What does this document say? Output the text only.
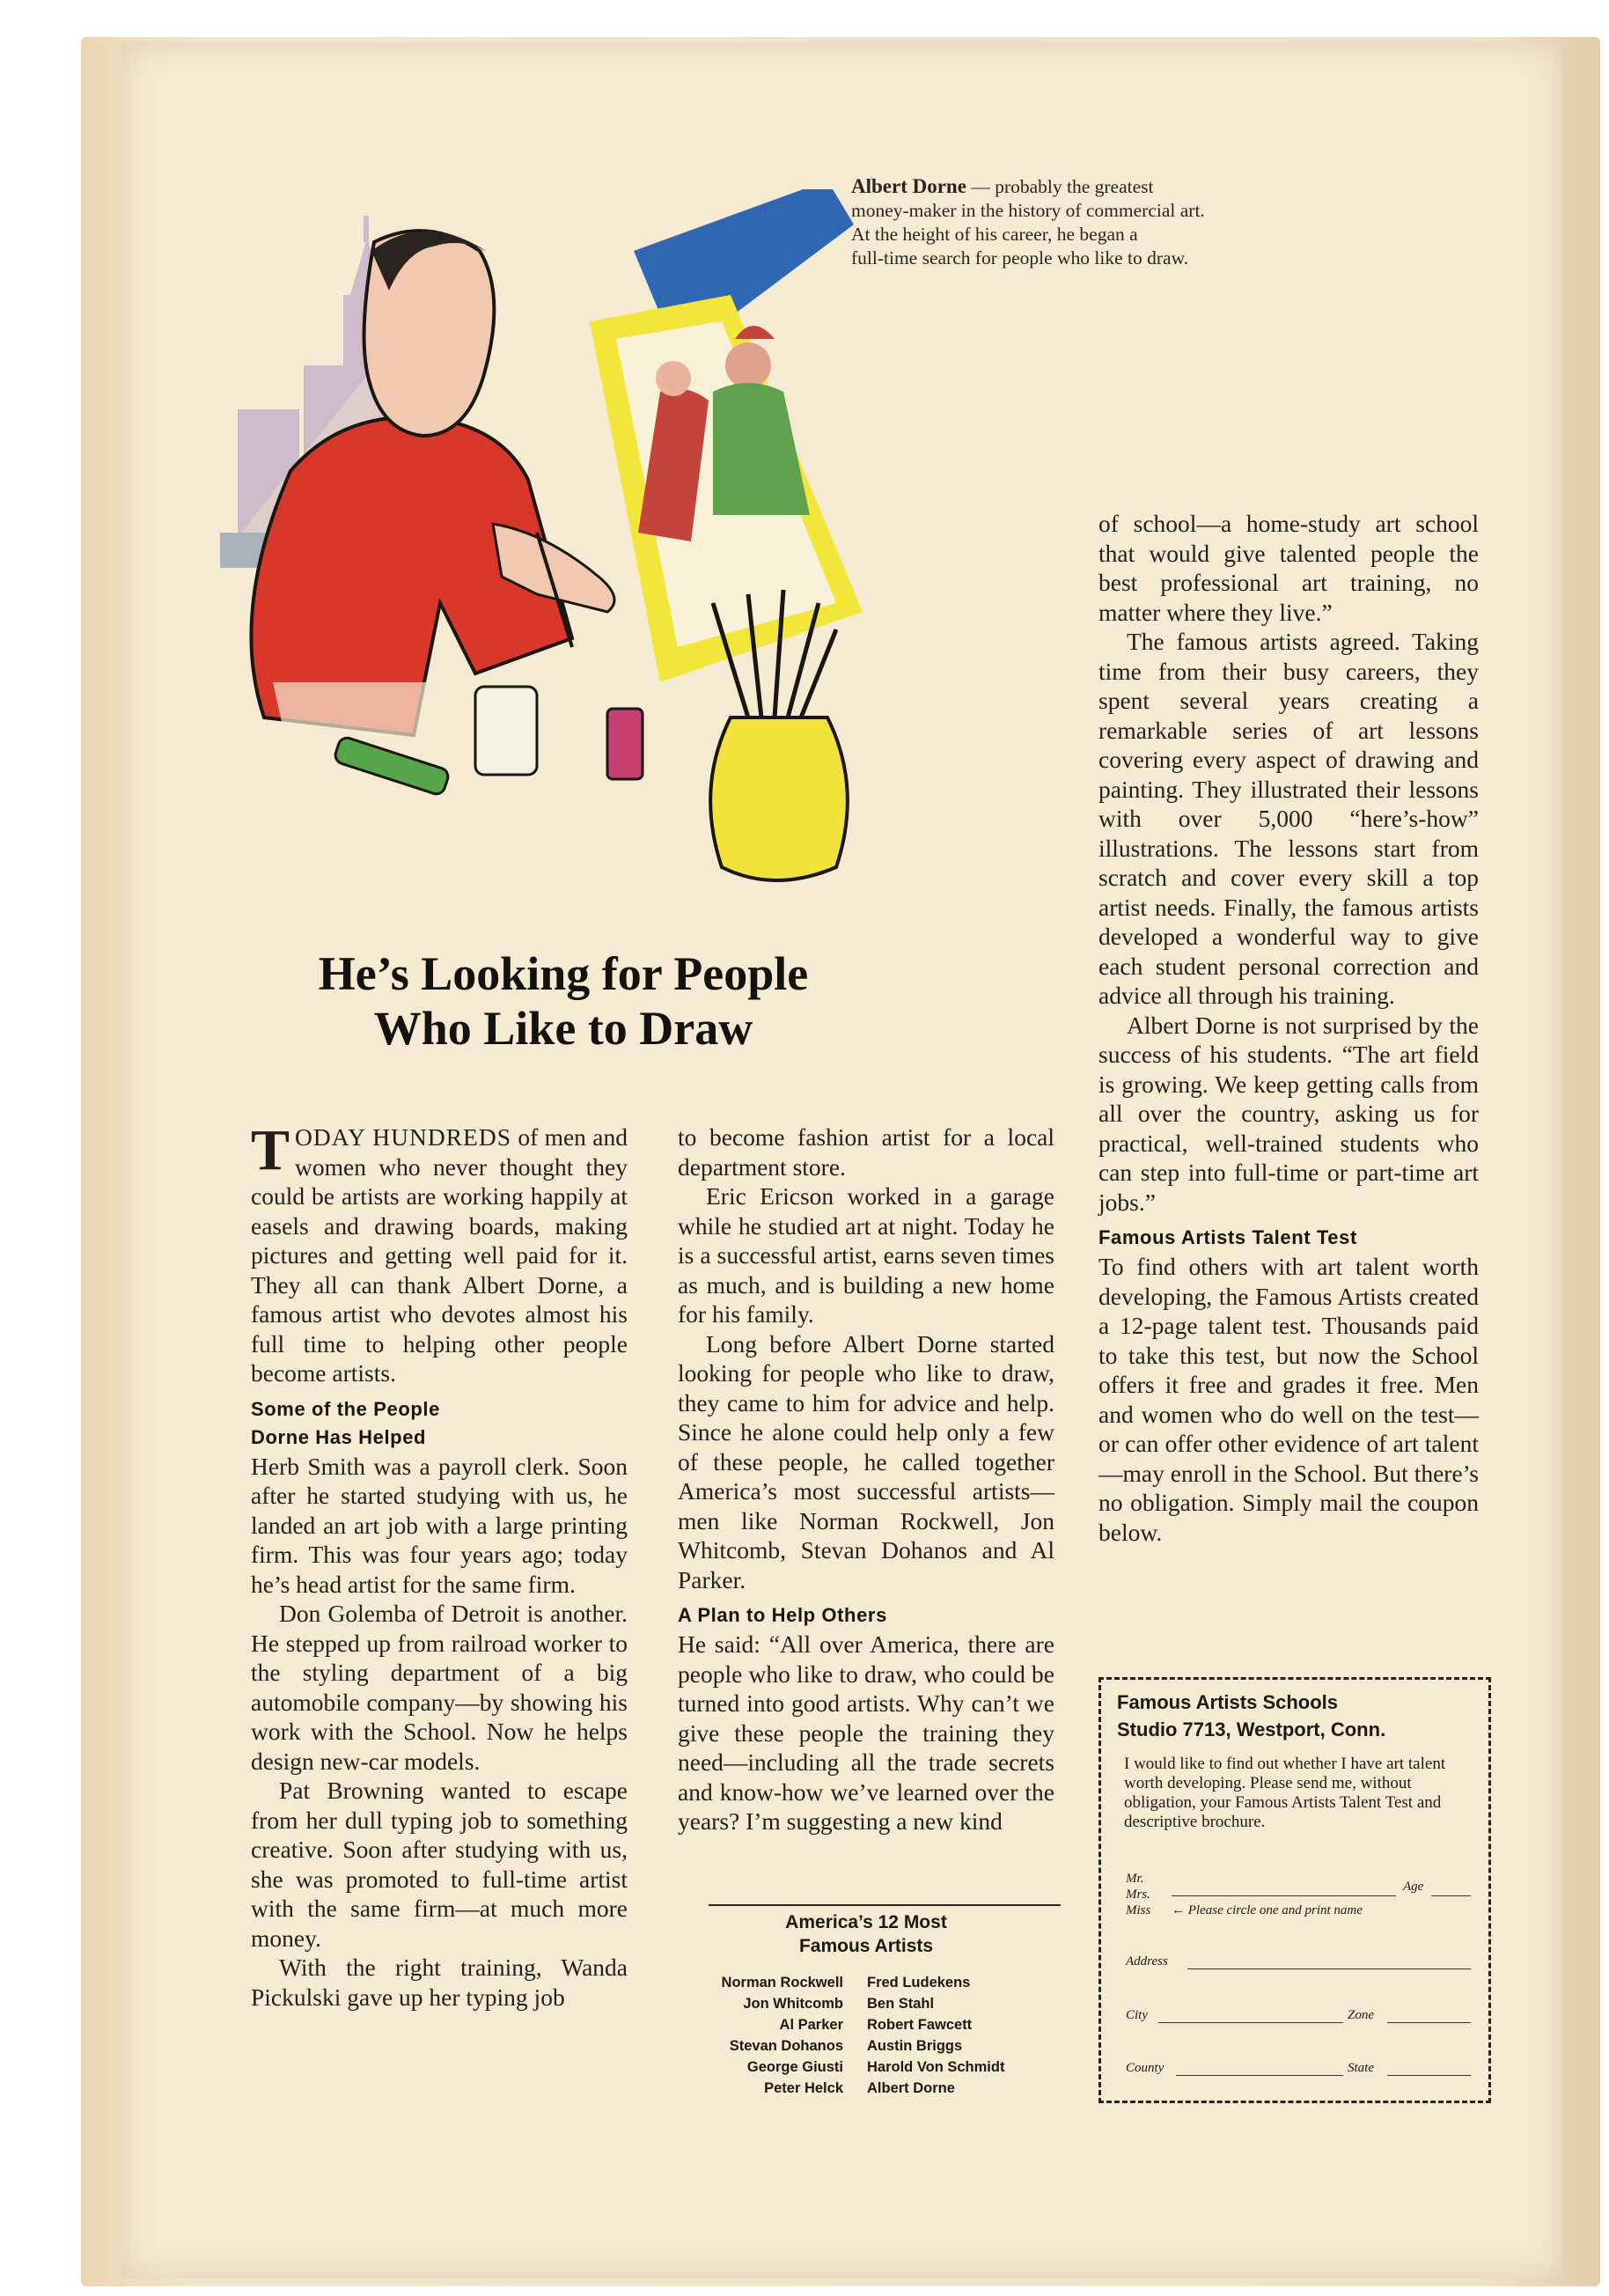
Albert Dorne — probably the greatest
money-maker in the history of commercial art.
At the height of his career, he began a
full-time search for people who like to draw.
He’s Looking for People
Who Like to Draw

TODAY HUNDREDS of men and women who never thought they could be artists are working happily at easels and drawing boards, making pictures and getting well paid for it. They all can thank Albert Dorne, a famous artist who devotes almost his full time to helping other people become artists.

Some of the People
Dorne Has Helped

Herb Smith was a payroll clerk. Soon after he started studying with us, he landed an art job with a large printing firm. This was four years ago; today he’s head artist for the same firm.

Don Golemba of Detroit is another. He stepped up from railroad worker to the styling department of a big automobile company—by showing his work with the School. Now he helps design new-car models.

Pat Browning wanted to escape from her dull typing job to something creative. Soon after studying with us, she was promoted to full-time artist with the same firm—at much more money.

With the right training, Wanda Pickulski gave up her typing job

to become fashion artist for a local department store.

Eric Ericson worked in a garage while he studied art at night. Today he is a successful artist, earns seven times as much, and is building a new home for his family.

Long before Albert Dorne started looking for people who like to draw, they came to him for advice and help. Since he alone could help only a few of these people, he called together America’s most successful artists—men like Norman Rockwell, Jon Whitcomb, Stevan Dohanos and Al Parker.

A Plan to Help Others

He said: “All over America, there are people who like to draw, who could be turned into good artists. Why can’t we give these people the training they need—including all the trade secrets and know-how we’ve learned over the years? I’m suggesting a new kind

America’s 12 Most
Famous Artists
Norman Rockwell
Jon Whitcomb
Al Parker
Stevan Dohanos
George Giusti
Peter Helck
Fred Ludekens
Ben Stahl
Robert Fawcett
Austin Briggs
Harold Von Schmidt
Albert Dorne

of school—a home-study art school that would give talented people the best professional art training, no matter where they live.”

The famous artists agreed. Taking time from their busy careers, they spent several years creating a remarkable series of art lessons covering every aspect of drawing and painting. They illustrated their lessons with over 5,000 “here’s-how” illustrations. The lessons start from scratch and cover every skill a top artist needs. Finally, the famous artists developed a wonderful way to give each student personal correction and advice all through his training.

Albert Dorne is not surprised by the success of his students. “The art field is growing. We keep getting calls from all over the country, asking us for practical, well-trained students who can step into full-time or part-time art jobs.”

Famous Artists Talent Test

To find others with art talent worth developing, the Famous Artists created a 12-page talent test. Thousands paid to take this test, but now the School offers it free and grades it free. Men and women who do well on the test—or can offer other evidence of art talent—may enroll in the School. But there’s no obligation. Simply mail the coupon below.

Famous Artists Schools
Studio 7713, Westport, Conn.
I would like to find out whether I have art talent worth developing. Please send me, without obligation, your Famous Artists Talent Test and descriptive brochure.
Mr.
Mrs.
Miss
Age
← Please circle one and print name
Address
City	Zone
County	State
